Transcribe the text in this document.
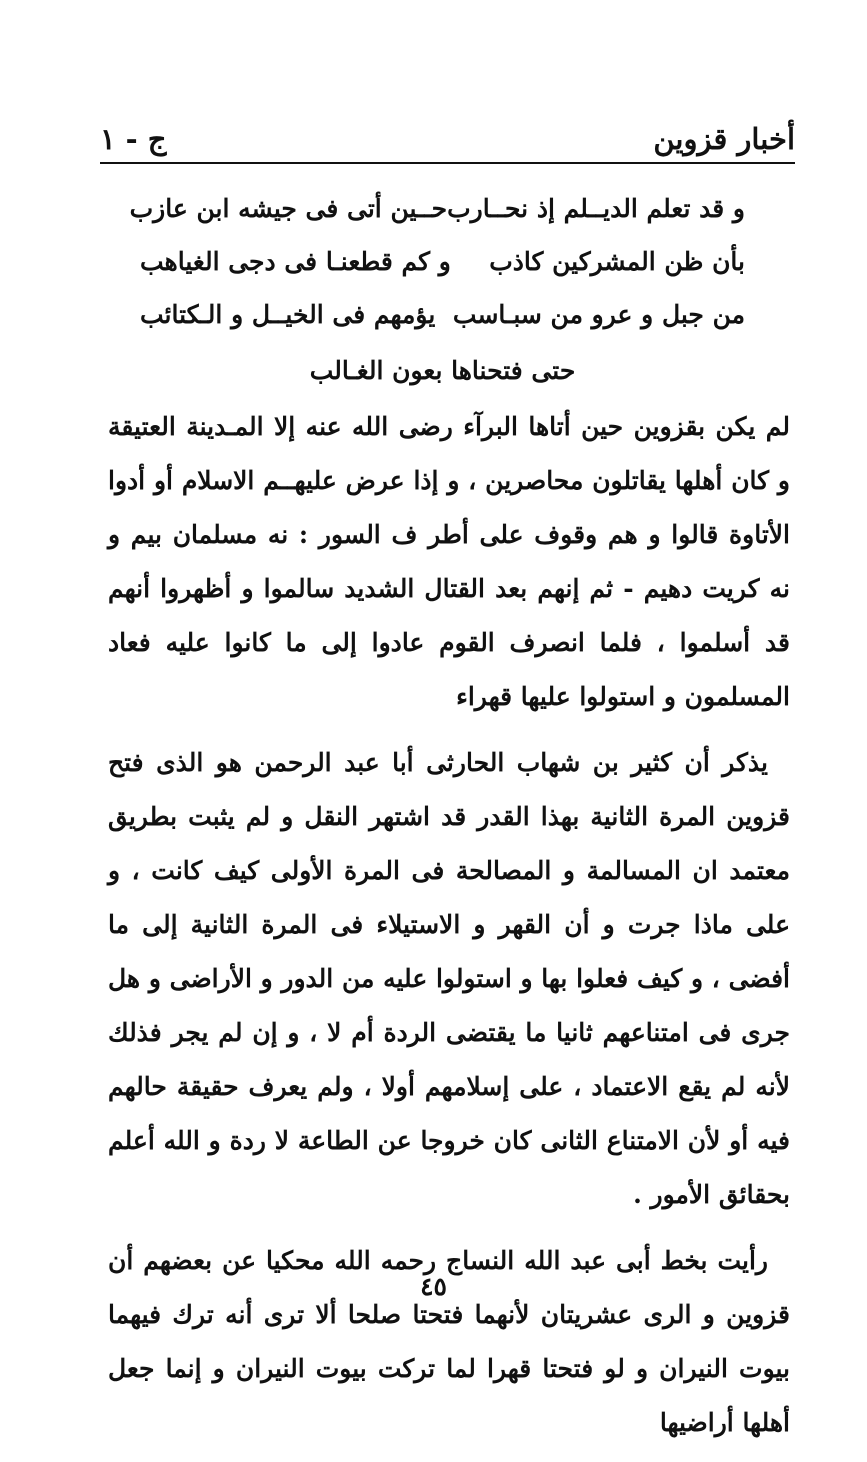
أخبار قزوين
ج - ١
و قد تعلم الديــلم إذ نحــارب
حــين أتى فى جيشه ابن عازب
بأن ظن المشركين كاذب
و كم قطعنـا فى دجى الغياهب
من جبل و عرو من سبـاسب
يؤمهم فى الخيــل و الـكتائب
حتى فتحناها بعون الغـالب

لم يكن بقزوين حين أتاها البرآء رضى الله عنه إلا المـدينة العتيقة و كان أهلها يقاتلون محاصرين ، و إذا عرض عليهــم الاسلام أو أدوا الأتاوة قالوا و هم وقوف على أطر ف السور : نه مسلمان بيم و نه كريت دهيم - ثم إنهم بعد القتال الشديد سالموا و أظهروا أنهم قد أسلموا ، فلما انصرف القوم عادوا إلى ما كانوا عليه فعاد المسلمون و استولوا عليها قهراء

يذكر أن كثير بن شهاب الحارثى أبا عبد الرحمن هو الذى فتح قزوين المرة الثانية بهذا القدر قد اشتهر النقل و لم يثبت بطريق معتمد ان المسالمة و المصالحة فى المرة الأولى كيف كانت ، و على ماذا جرت و أن القهر و الاستيلاء فى المرة الثانية إلى ما أفضى ، و كيف فعلوا بها و استولوا عليه من الدور و الأراضى و هل جرى فى امتناعهم ثانيا ما يقتضى الردة أم لا ، و إن لم يجر فذلك لأنه لم يقع الاعتماد ، على إسلامهم أولا ، ولم يعرف حقيقة حالهم فيه أو لأن الامتناع الثانى كان خروجا عن الطاعة لا ردة و الله أعلم بحقائق الأمور .

رأيت بخط أبى عبد الله النساج رحمه الله محكيا عن بعضهم أن قزوين و الرى عشريتان لأنهما فتحتا صلحا ألا ترى أنه ترك فيهما بيوت النيران و لو فتحتا قهرا لما تركت بيوت النيران و إنما جعل أهلها أراضيها

٤٥
